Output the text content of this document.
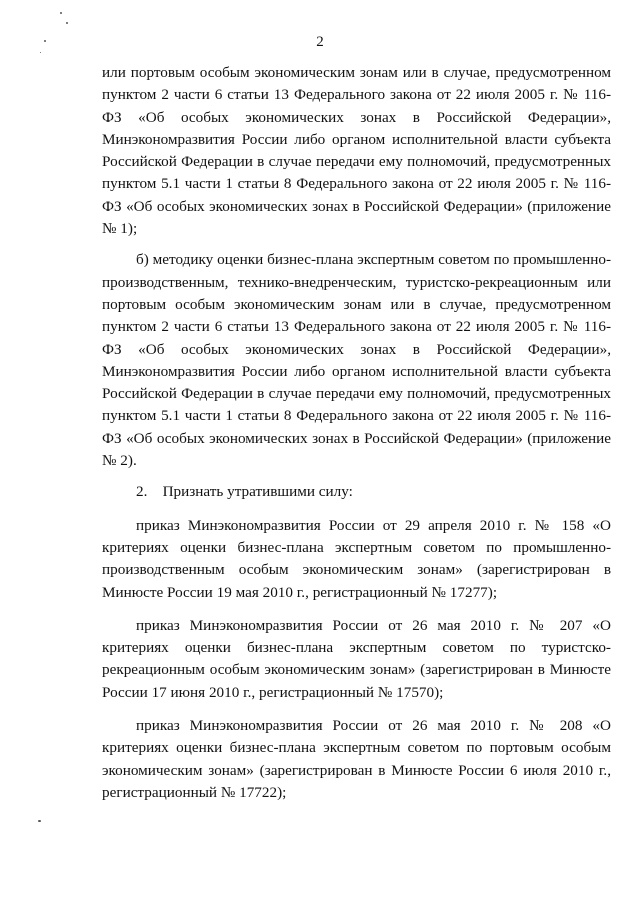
2

или портовым особым экономическим зонам или в случае, предусмотренном пунктом 2 части 6 статьи 13 Федерального закона от 22 июля 2005 г. № 116-ФЗ «Об особых экономических зонах в Российской Федерации», Минэкономразвития России либо органом исполнительной власти субъекта Российской Федерации в случае передачи ему полномочий, предусмотренных пунктом 5.1 части 1 статьи 8 Федерального закона от 22 июля 2005 г. № 116-ФЗ «Об особых экономических зонах в Российской Федерации» (приложение № 1);

б) методику оценки бизнес-плана экспертным советом по промышленно-производственным, технико-внедренческим, туристско-рекреационным или портовым особым экономическим зонам или в случае, предусмотренном пунктом 2 части 6 статьи 13 Федерального закона от 22 июля 2005 г. № 116-ФЗ «Об особых экономических зонах в Российской Федерации», Минэкономразвития России либо органом исполнительной власти субъекта Российской Федерации в случае передачи ему полномочий, предусмотренных пунктом 5.1 части 1 статьи 8 Федерального закона от 22 июля 2005 г. № 116-ФЗ «Об особых экономических зонах в Российской Федерации» (приложение № 2).

2.    Признать утратившими силу:

приказ Минэкономразвития России от 29 апреля 2010 г. № 158 «О критериях оценки бизнес-плана экспертным советом по промышленно-производственным особым экономическим зонам» (зарегистрирован в Минюсте России 19 мая 2010 г., регистрационный № 17277);

приказ Минэкономразвития России от 26 мая 2010 г. № 207 «О критериях оценки бизнес-плана экспертным советом по туристско-рекреационным особым экономическим зонам» (зарегистрирован в Минюсте России 17 июня 2010 г., регистрационный № 17570);

приказ Минэкономразвития России от 26 мая 2010 г. № 208 «О критериях оценки бизнес-плана экспертным советом по портовым особым экономическим зонам» (зарегистрирован в Минюсте России 6 июля 2010 г., регистрационный № 17722);
